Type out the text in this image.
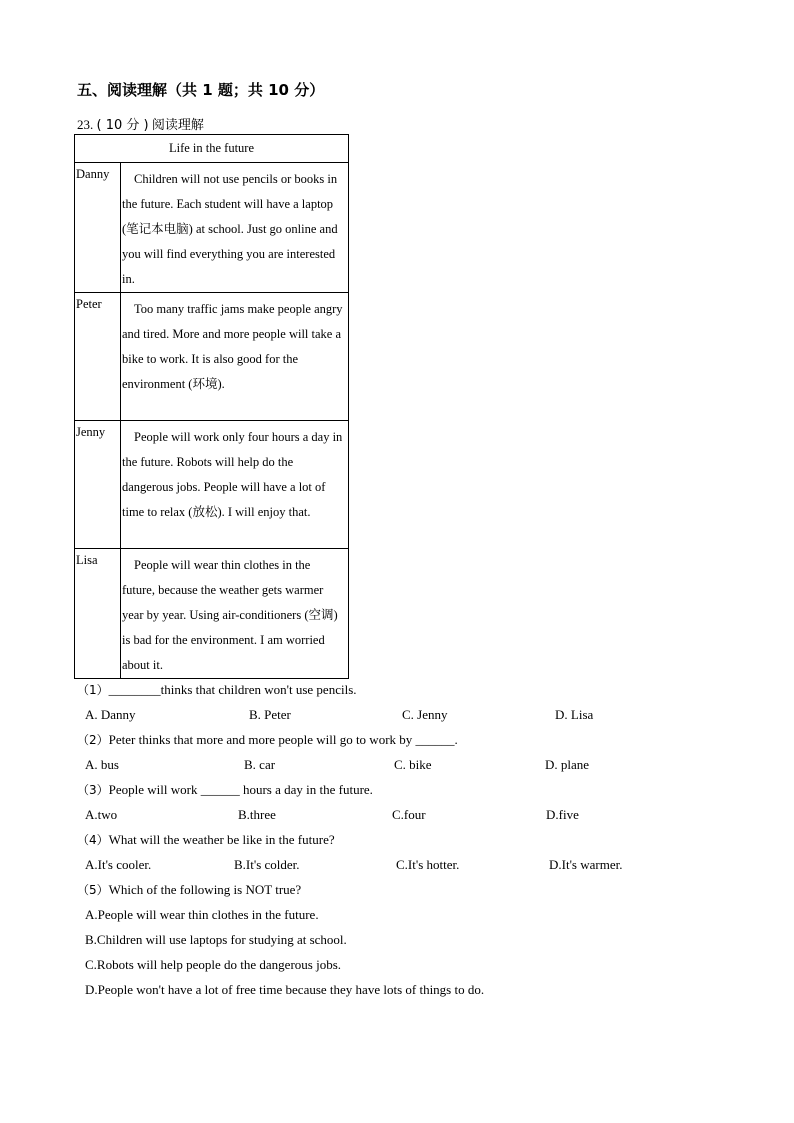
五、阅读理解（共 1 题；共 10 分）
23. ( 10 分 ) 阅读理解
Life in the future	
Danny	Children will not use pencils or books in the future. Each student will have a laptop (笔记本电脑) at school. Just go online and you will find everything you are interested in.
Peter	Too many traffic jams make people angry and tired. More and more people will take a bike to work. It is also good for the environment (环境).
Jenny	People will work only four hours a day in the future. Robots will help do the dangerous jobs. People will have a lot of time to relax (放松). I will enjoy that.
Lisa	People will wear thin clothes in the future, because the weather gets warmer year by year. Using air-conditioners (空调) is bad for the environment. I am worried about it.
（1）________thinks that children won't use pencils.
A. Danny	B. Peter	C. Jenny	D. Lisa
（2）Peter thinks that more and more people will go to work by ______.
A. bus	B. car	C. bike	D. plane
（3）People will work ______ hours a day in the future.
A.two	B.three	C.four	D.five
（4）What will the weather be like in the future?
A.It's cooler.	B.It's colder.	C.It's hotter.	D.It's warmer.
（5）Which of the following is NOT true?
A.People will wear thin clothes in the future.
B.Children will use laptops for studying at school.
C.Robots will help people do the dangerous jobs.
D.People won't have a lot of free time because they have lots of things to do.
